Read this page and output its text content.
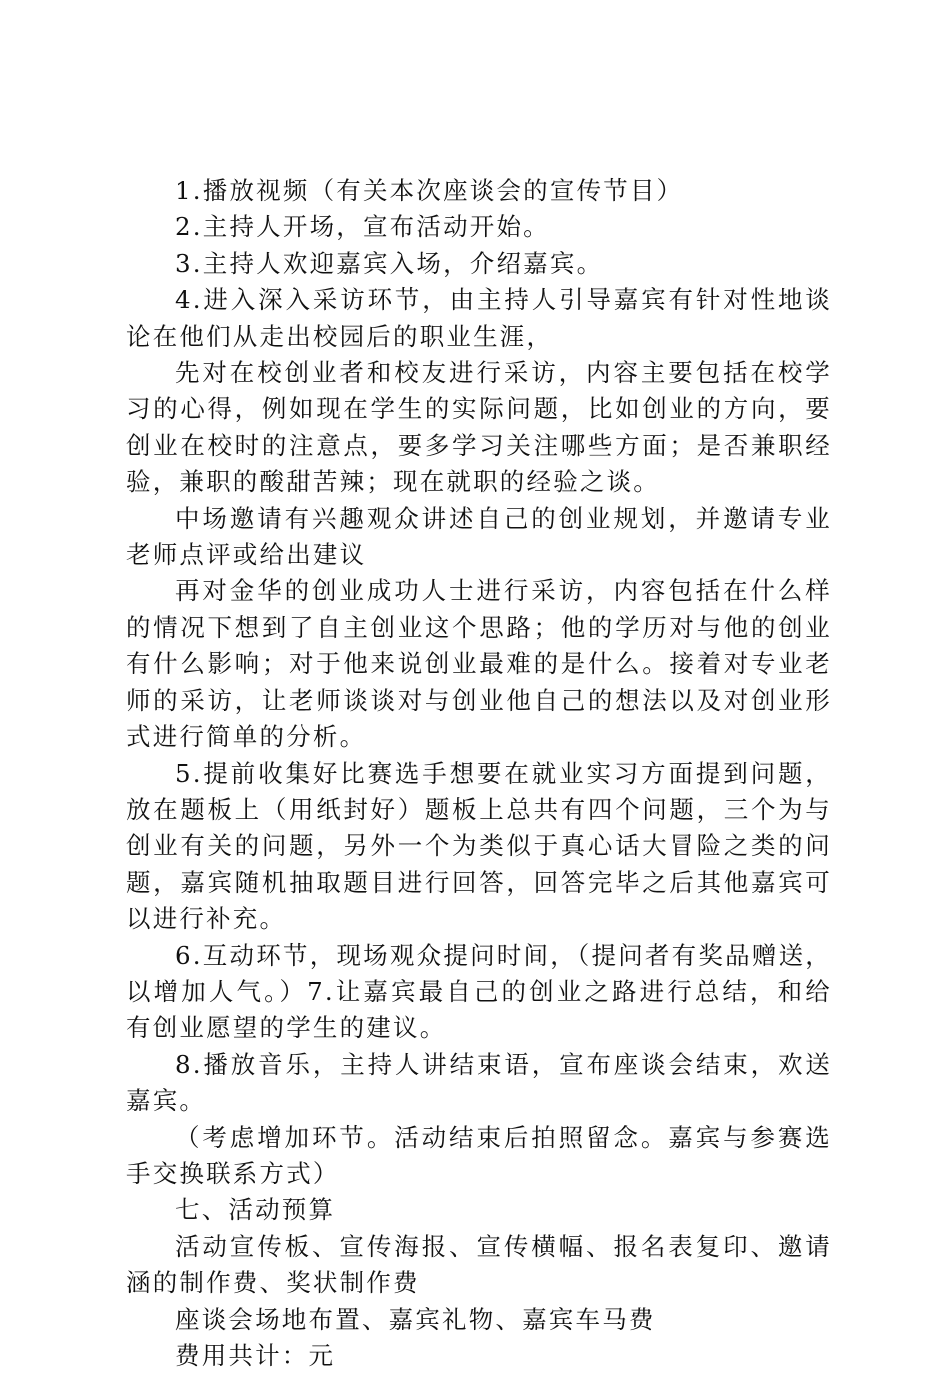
1.播放视频（有关本次座谈会的宣传节目）

2.主持人开场，宣布活动开始。

3.主持人欢迎嘉宾入场，介绍嘉宾。

4.进入深入采访环节，由主持人引导嘉宾有针对性地谈论在他们从走出校园后的职业生涯，

先对在校创业者和校友进行采访，内容主要包括在校学习的心得，例如现在学生的实际问题，比如创业的方向，要创业在校时的注意点，要多学习关注哪些方面；是否兼职经验，兼职的酸甜苦辣；现在就职的经验之谈。

中场邀请有兴趣观众讲述自己的创业规划，并邀请专业老师点评或给出建议

再对金华的创业成功人士进行采访，内容包括在什么样的情况下想到了自主创业这个思路；他的学历对与他的创业有什么影响；对于他来说创业最难的是什么。接着对专业老师的采访，让老师谈谈对与创业他自己的想法以及对创业形式进行简单的分析。

5.提前收集好比赛选手想要在就业实习方面提到问题，放在题板上（用纸封好）题板上总共有四个问题，三个为与创业有关的问题，另外一个为类似于真心话大冒险之类的问题，嘉宾随机抽取题目进行回答，回答完毕之后其他嘉宾可以进行补充。

6.互动环节，现场观众提问时间，（提问者有奖品赠送，以增加人气。）7.让嘉宾最自己的创业之路进行总结，和给有创业愿望的学生的建议。

8.播放音乐，主持人讲结束语，宣布座谈会结束，欢送嘉宾。

（考虑增加环节。活动结束后拍照留念。嘉宾与参赛选手交换联系方式）

七、活动预算

活动宣传板、宣传海报、宣传横幅、报名表复印、邀请涵的制作费、奖状制作费

座谈会场地布置、嘉宾礼物、嘉宾车马费

费用共计：元
